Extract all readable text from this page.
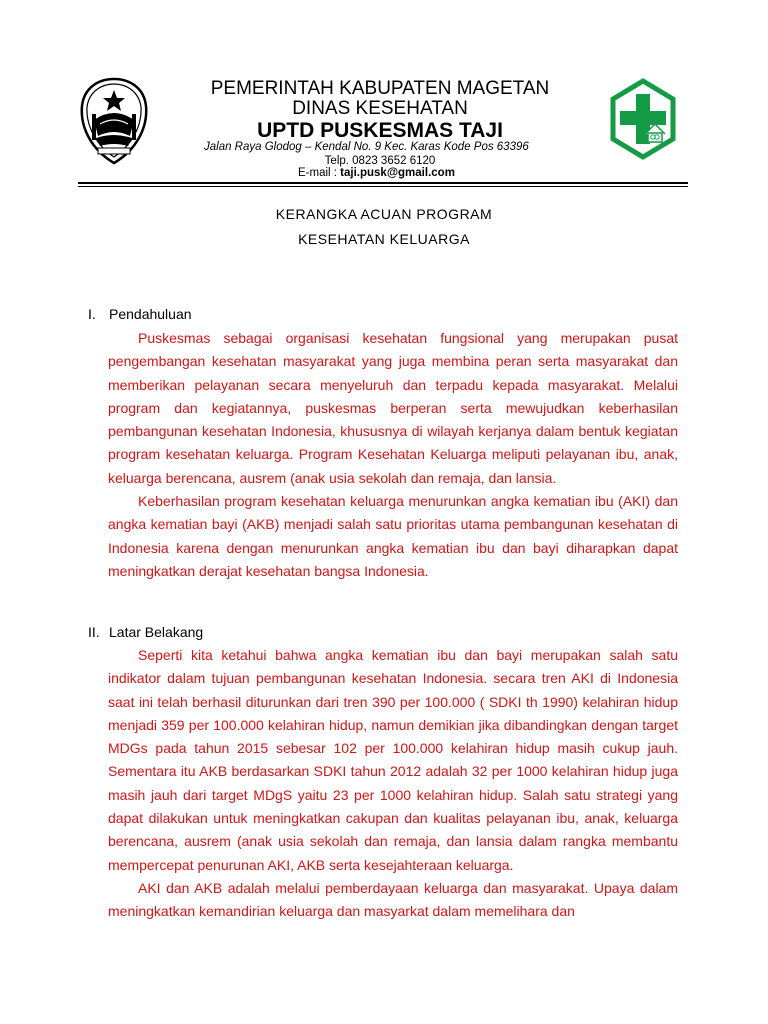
PEMERINTAH KABUPATEN MAGETAN
DINAS KESEHATAN
UPTD PUSKESMAS TAJI
Jalan Raya Glodog – Kendal No. 9 Kec. Karas Kode Pos 63396
Telp. 0823 3652 6120
E-mail : taji.pusk@gmail.com
KERANGKA ACUAN PROGRAM
KESEHATAN KELUARGA
I. Pendahuluan

Puskesmas sebagai organisasi kesehatan fungsional yang merupakan pusat pengembangan kesehatan masyarakat yang juga membina peran serta masyarakat dan memberikan pelayanan secara menyeluruh dan terpadu kepada masyarakat. Melalui program dan kegiatannya, puskesmas berperan serta mewujudkan keberhasilan pembangunan kesehatan Indonesia, khususnya di wilayah kerjanya dalam bentuk kegiatan program kesehatan keluarga. Program Kesehatan Keluarga meliputi pelayanan ibu, anak, keluarga berencana, ausrem (anak usia sekolah dan remaja, dan lansia.

Keberhasilan program kesehatan keluarga menurunkan angka kematian ibu (AKI) dan angka kematian bayi (AKB) menjadi salah satu prioritas utama pembangunan kesehatan di Indonesia karena dengan menurunkan angka kematian ibu dan bayi diharapkan dapat meningkatkan derajat kesehatan bangsa Indonesia.

II. Latar Belakang

Seperti kita ketahui bahwa angka kematian ibu dan bayi merupakan salah satu indikator dalam tujuan pembangunan kesehatan Indonesia. secara tren AKI di Indonesia saat ini telah berhasil diturunkan dari tren 390 per 100.000 ( SDKI th 1990) kelahiran hidup menjadi 359 per 100.000 kelahiran hidup, namun demikian jika dibandingkan dengan target MDGs pada tahun 2015 sebesar 102 per 100.000 kelahiran hidup masih cukup jauh. Sementara itu AKB berdasarkan SDKI tahun 2012 adalah 32 per 1000 kelahiran hidup juga masih jauh dari target MDgS yaitu 23 per 1000 kelahiran hidup. Salah satu strategi yang dapat dilakukan untuk meningkatkan cakupan dan kualitas pelayanan ibu, anak, keluarga berencana, ausrem (anak usia sekolah dan remaja, dan lansia dalam rangka membantu mempercepat penurunan AKI, AKB serta kesejahteraan keluarga.

AKI dan AKB adalah melalui pemberdayaan keluarga dan masyarakat. Upaya dalam meningkatkan kemandirian keluarga dan masyarkat dalam memelihara dan
